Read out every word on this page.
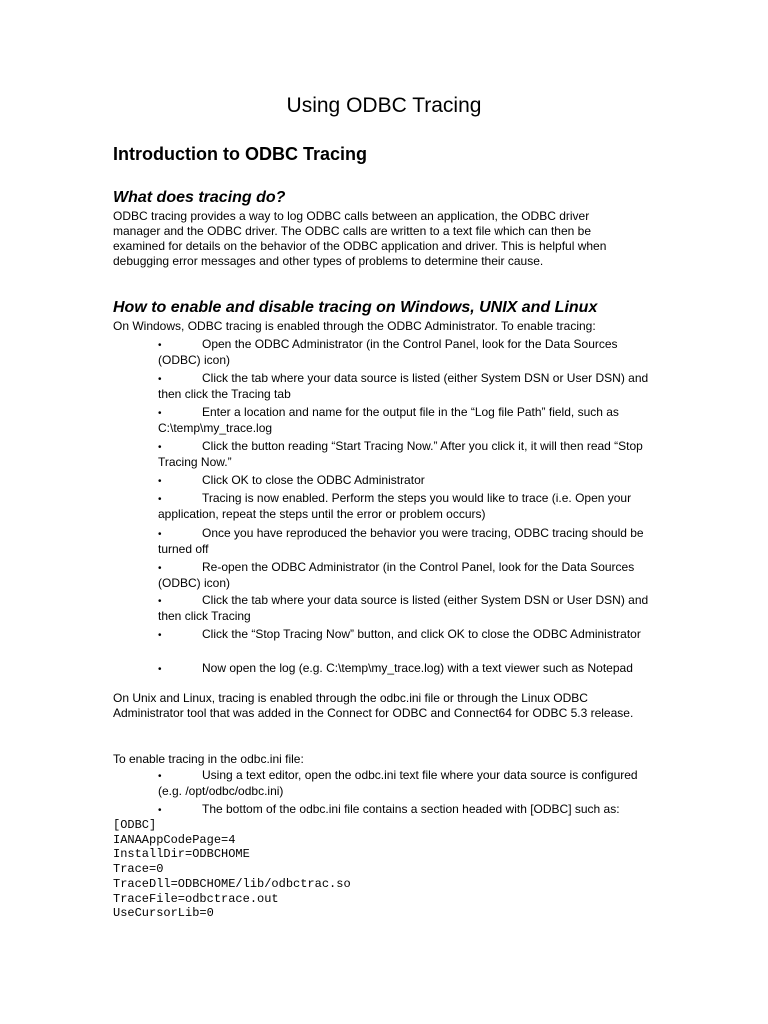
Using ODBC Tracing
Introduction to ODBC Tracing
What does tracing do?

ODBC tracing provides a way to log ODBC calls between an application, the ODBC driver manager and the ODBC driver. The ODBC calls are written to a text file which can then be examined for details on the behavior of the ODBC application and driver. This is helpful when debugging error messages and other types of problems to determine their cause.

How to enable and disable tracing on Windows, UNIX and Linux

On Windows, ODBC tracing is enabled through the ODBC Administrator. To enable tracing:

•	Open the ODBC Administrator (in the Control Panel, look for the Data Sources (ODBC) icon)

•	Click the tab where your data source is listed (either System DSN or User DSN) and then click the Tracing tab

•	Enter a location and name for the output file in the “Log file Path” field, such as C:\temp\my_trace.log

•	Click the button reading “Start Tracing Now.” After you click it, it will then read “Stop Tracing Now.”

•	Click OK to close the ODBC Administrator

•	Tracing is now enabled. Perform the steps you would like to trace (i.e. Open your application, repeat the steps until the error or problem occurs)

•	Once you have reproduced the behavior you were tracing, ODBC tracing should be turned off

•	Re-open the ODBC Administrator (in the Control Panel, look for the Data Sources (ODBC) icon)

•	Click the tab where your data source is listed (either System DSN or User DSN) and then click Tracing

•	Click the “Stop Tracing Now” button, and click OK to close the ODBC Administrator

•	Now open the log (e.g. C:\temp\my_trace.log) with a text viewer such as Notepad

On Unix and Linux, tracing is enabled through the odbc.ini file or through the Linux ODBC Administrator tool that was added in the Connect for ODBC and Connect64 for ODBC 5.3 release.

To enable tracing in the odbc.ini file:

•	Using a text editor, open the odbc.ini text file where your data source is configured (e.g. /opt/odbc/odbc.ini)

•	The bottom of the odbc.ini file contains a section headed with [ODBC] such as:

[ODBC]
IANAAppCodePage=4
InstallDir=ODBCHOME
Trace=0
TraceDll=ODBCHOME/lib/odbctrac.so
TraceFile=odbctrace.out
UseCursorLib=0
